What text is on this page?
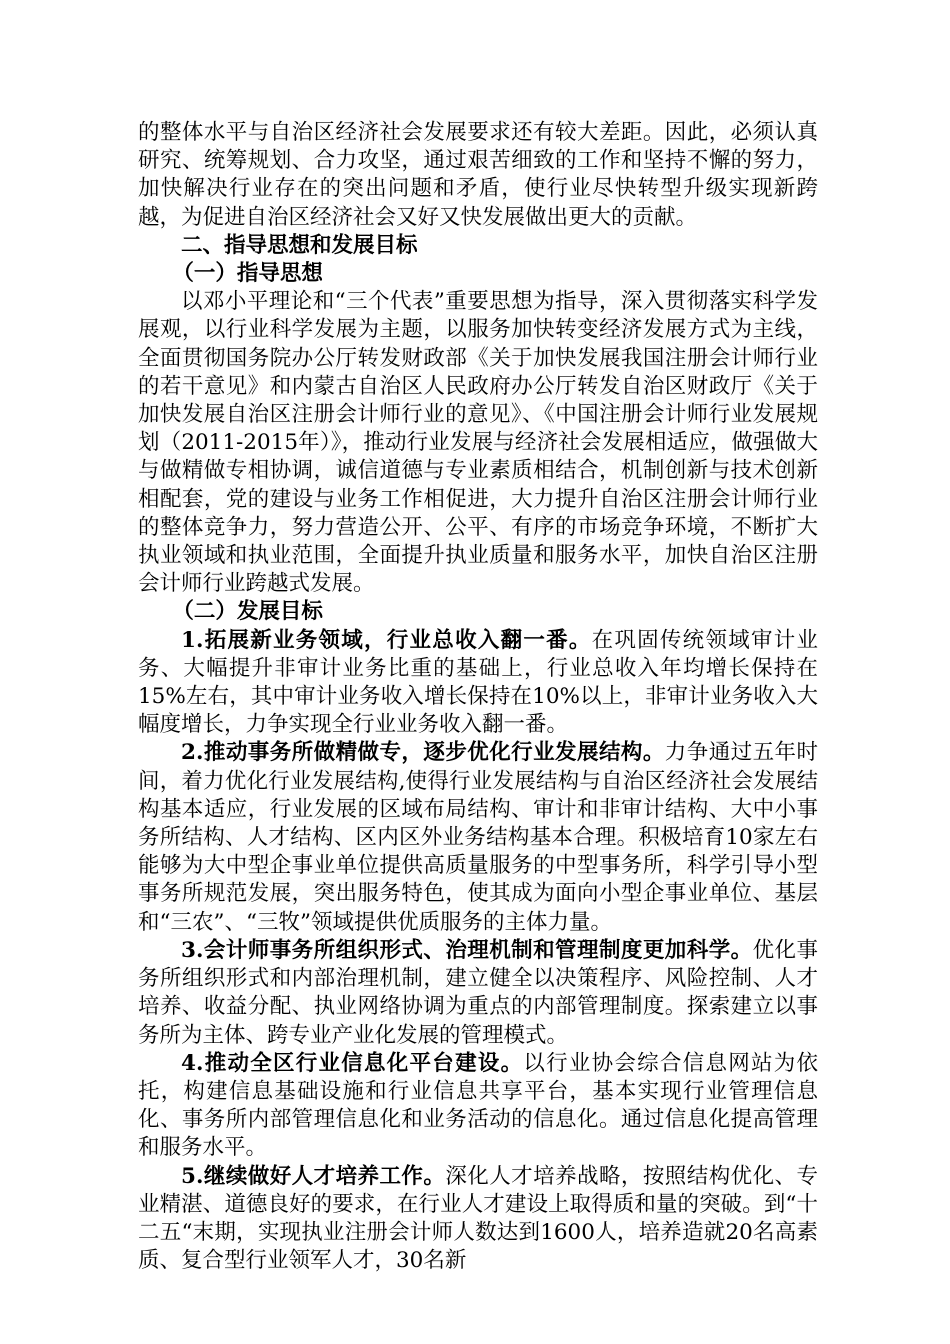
的整体水平与自治区经济社会发展要求还有较大差距。因此，必须认真研究、统筹规划、合力攻坚，通过艰苦细致的工作和坚持不懈的努力，加快解决行业存在的突出问题和矛盾，使行业尽快转型升级实现新跨越，为促进自治区经济社会又好又快发展做出更大的贡献。

二、指导思想和发展目标

（一）指导思想

以邓小平理论和“三个代表”重要思想为指导，深入贯彻落实科学发展观，以行业科学发展为主题，以服务加快转变经济发展方式为主线，全面贯彻国务院办公厅转发财政部《关于加快发展我国注册会计师行业的若干意见》和内蒙古自治区人民政府办公厅转发自治区财政厅《关于加快发展自治区注册会计师行业的意见》、《中国注册会计师行业发展规划（2011-2015年）》，推动行业发展与经济社会发展相适应，做强做大与做精做专相协调，诚信道德与专业素质相结合，机制创新与技术创新相配套，党的建设与业务工作相促进，大力提升自治区注册会计师行业的整体竞争力，努力营造公开、公平、有序的市场竞争环境，不断扩大执业领域和执业范围，全面提升执业质量和服务水平，加快自治区注册会计师行业跨越式发展。

（二）发展目标

1.拓展新业务领域，行业总收入翻一番。在巩固传统领域审计业务、大幅提升非审计业务比重的基础上，行业总收入年均增长保持在15%左右，其中审计业务收入增长保持在10%以上，非审计业务收入大幅度增长，力争实现全行业业务收入翻一番。

2.推动事务所做精做专，逐步优化行业发展结构。力争通过五年时间，着力优化行业发展结构,使得行业发展结构与自治区经济社会发展结构基本适应，行业发展的区域布局结构、审计和非审计结构、大中小事务所结构、人才结构、区内区外业务结构基本合理。积极培育10家左右能够为大中型企事业单位提供高质量服务的中型事务所，科学引导小型事务所规范发展，突出服务特色，使其成为面向小型企事业单位、基层和“三农”、“三牧”领域提供优质服务的主体力量。

3.会计师事务所组织形式、治理机制和管理制度更加科学。优化事务所组织形式和内部治理机制，建立健全以决策程序、风险控制、人才培养、收益分配、执业网络协调为重点的内部管理制度。探索建立以事务所为主体、跨专业产业化发展的管理模式。

4.推动全区行业信息化平台建设。以行业协会综合信息网站为依托，构建信息基础设施和行业信息共享平台，基本实现行业管理信息化、事务所内部管理信息化和业务活动的信息化。通过信息化提高管理和服务水平。

5.继续做好人才培养工作。深化人才培养战略，按照结构优化、专业精湛、道德良好的要求，在行业人才建设上取得质和量的突破。到“十二五“末期，实现执业注册会计师人数达到1600人，培养造就20名高素质、复合型行业领军人才，30名新
